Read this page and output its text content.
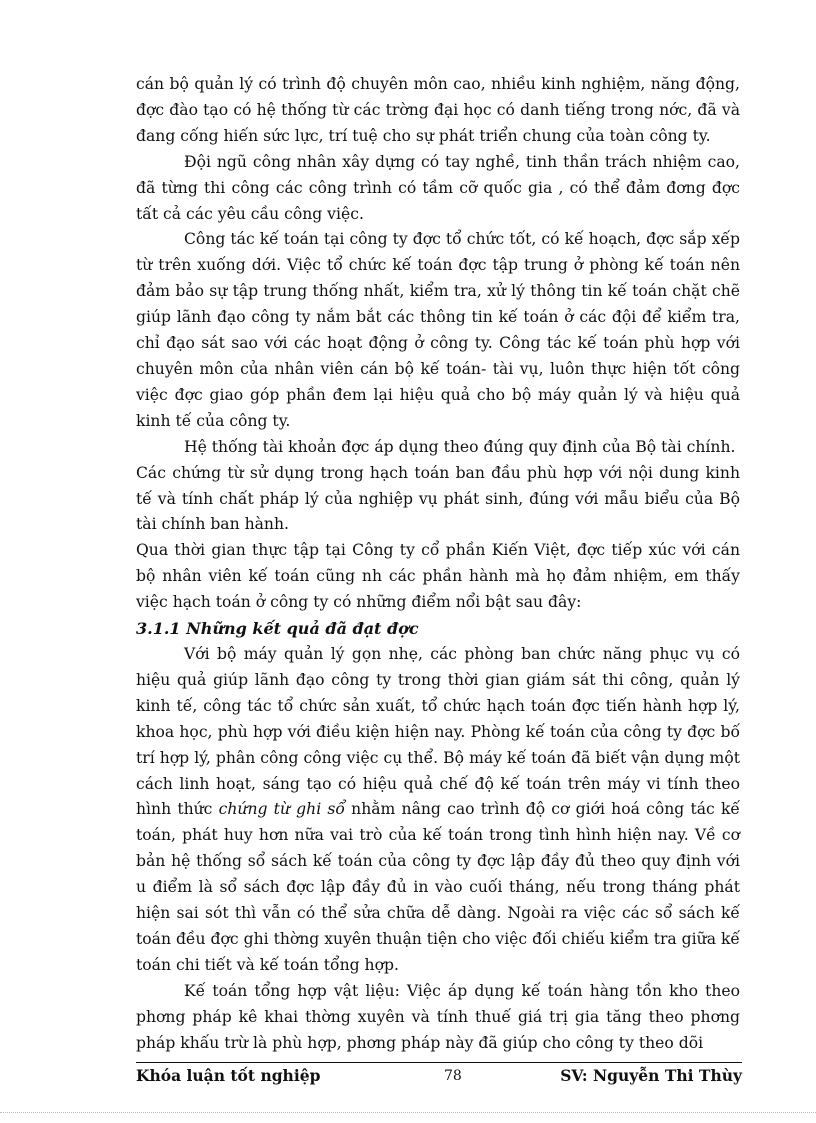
cán bộ quản lý có trình độ chuyên môn cao, nhiều kinh nghiệm, năng động, đợc đào tạo có hệ thống từ các trờng đại học có danh tiếng trong nớc, đã và đang cống hiến sức lực, trí tuệ cho sự phát triển chung của toàn công ty.

Đội ngũ công nhân xây dựng có tay nghề, tinh thần trách nhiệm cao, đã từng thi công các công trình có tầm cỡ quốc gia , có thể đảm đơng đợc tất cả các yêu cầu công việc.

Công tác kế toán tại công ty đợc tổ chức tốt, có kế hoạch, đợc sắp xếp từ trên xuống dới. Việc tổ chức kế toán đợc tập trung ở phòng kế toán nên đảm bảo sự tập trung thống nhất, kiểm tra, xử lý thông tin kế toán chặt chẽ giúp lãnh đạo công ty nắm bắt các thông tin kế toán ở các đội để kiểm tra, chỉ đạo sát sao với các hoạt động ở công ty. Công tác kế toán phù hợp với chuyên môn của nhân viên cán bộ kế toán- tài vụ, luôn thực hiện tốt công việc đợc giao góp phần đem lại hiệu quả cho bộ máy quản lý và hiệu quả kinh tế của công ty.

Hệ thống tài khoản đợc áp dụng theo đúng quy định của Bộ tài chính.

Các chứng từ sử dụng trong hạch toán ban đầu phù hợp với nội dung kinh tế và tính chất pháp lý của nghiệp vụ phát sinh, đúng với mẫu biểu của Bộ tài chính ban hành.

Qua thời gian thực tập tại Công ty cổ phần Kiến Việt, đợc tiếp xúc với cán bộ nhân viên kế toán cũng nh các phần hành mà họ đảm nhiệm, em thấy việc hạch toán ở công ty có những điểm nổi bật sau đây:

3.1.1 Những kết quả đã đạt đợc

Với bộ máy quản lý gọn nhẹ, các phòng ban chức năng phục vụ có hiệu quả giúp lãnh đạo công ty trong thời gian giám sát thi công, quản lý kinh tế, công tác tổ chức sản xuất, tổ chức hạch toán đợc tiến hành hợp lý, khoa học, phù hợp với điều kiện hiện nay. Phòng kế toán của công ty đợc bố trí hợp lý, phân công công việc cụ thể. Bộ máy kế toán đã biết vận dụng một cách linh hoạt, sáng tạo có hiệu quả chế độ kế toán trên máy vi tính theo hình thức chứng từ ghi sổ nhằm nâng cao trình độ cơ giới hoá công tác kế toán, phát huy hơn nữa vai trò của kế toán trong tình hình hiện nay. Về cơ bản hệ thống sổ sách kế toán của công ty đợc lập đầy đủ theo quy định với u điểm là sổ sách đợc lập đầy đủ in vào cuối tháng, nếu trong tháng phát hiện sai sót thì vẫn có thể sửa chữa dễ dàng. Ngoài ra việc các sổ sách kế toán đều đợc ghi thờng xuyên thuận tiện cho việc đối chiếu kiểm tra giữa kế toán chi tiết và kế toán tổng hợp.

Kế toán tổng hợp vật liệu: Việc áp dụng kế toán hàng tồn kho theo phơng pháp kê khai thờng xuyên và tính thuế giá trị gia tăng theo phơng pháp khấu trừ là phù hợp, phơng pháp này đã giúp cho công ty theo dõi

Khóa luận tốt nghiệp	78	SV: Nguyễn Thi Thùy
